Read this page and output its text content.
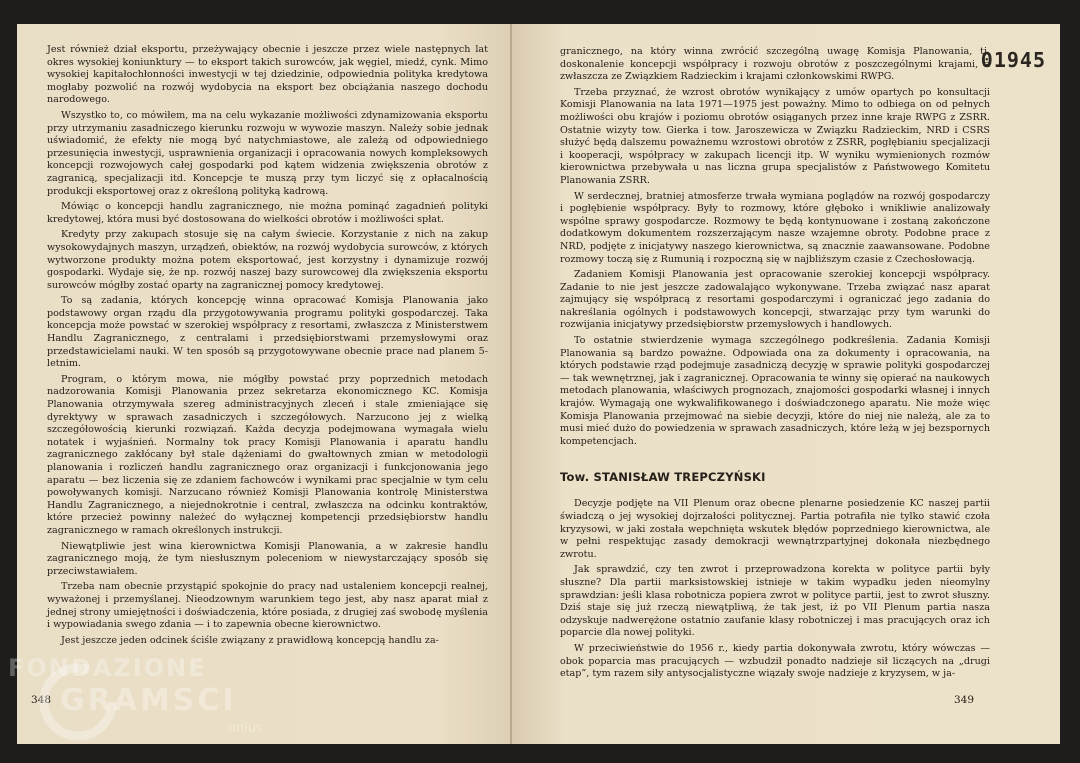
Jest również dział eksportu, przeżywający obecnie i jeszcze przez wiele następnych lat okres wysokiej koniunktury — to eksport takich surowców, jak węgiel, miedź, cynk. Mimo wysokiej kapitałochłonności inwestycji w tej dziedzinie, odpowiednia polityka kredytowa mogłaby pozwolić na rozwój wydobycia na eksport bez obciążania naszego dochodu narodowego.

Wszystko to, co mówiłem, ma na celu wykazanie możliwości zdynamizowania eksportu przy utrzymaniu zasadniczego kierunku rozwoju w wywozie maszyn. Należy sobie jednak uświadomić, że efekty nie mogą być natychmiastowe, ale zależą od odpowiedniego przesunięcia inwestycji, usprawnienia organizacji i opracowania nowych kompleksowych koncepcji rozwojowych całej gospodarki pod kątem widzenia zwiększenia obrotów z zagranicą, specjalizacji itd. Koncepcje te muszą przy tym liczyć się z opłacalnością produkcji eksportowej oraz z określoną polityką kadrową.

Mówiąc o koncepcji handlu zagranicznego, nie można pominąć zagadnień polityki kredytowej, która musi być dostosowana do wielkości obrotów i możliwości spłat.

Kredyty przy zakupach stosuje się na całym świecie. Korzystanie z nich na zakup wysokowydajnych maszyn, urządzeń, obiektów, na rozwój wydobycia surowców, z których wytworzone produkty można potem eksportować, jest korzystny i dynamizuje rozwój gospodarki. Wydaje się, że np. rozwój naszej bazy surowcowej dla zwiększenia eksportu surowców mógłby zostać oparty na zagranicznej pomocy kredytowej.

To są zadania, których koncepcję winna opracować Komisja Planowania jako podstawowy organ rządu dla przygotowywania programu polityki gospodarczej. Taka koncepcja może powstać w szerokiej współpracy z resortami, zwłaszcza z Ministerstwem Handlu Zagranicznego, z centralami i przedsiębiorstwami przemysłowymi oraz przedstawicielami nauki. W ten sposób są przygotowywane obecnie prace nad planem 5-letnim.

Program, o którym mowa, nie mógłby powstać przy poprzednich metodach nadzorowania Komisji Planowania przez sekretarza ekonomicznego KC. Komisja Planowania otrzymywała szereg administracyjnych zleceń i stale zmieniające się dyrektywy w sprawach zasadniczych i szczegółowych. Narzucono jej z wielką szczegółowością kierunki rozwiązań. Każda decyzja podejmowana wymagała wielu notatek i wyjaśnień. Normalny tok pracy Komisji Planowania i aparatu handlu zagranicznego zakłócany był stale dążeniami do gwałtownych zmian w metodologii planowania i rozliczeń handlu zagranicznego oraz organizacji i funkcjonowania jego aparatu — bez liczenia się ze zdaniem fachowców i wynikami prac specjalnie w tym celu powoływanych komisji. Narzucano również Komisji Planowania kontrolę Ministerstwa Handlu Zagranicznego, a niejednokrotnie i central, zwłaszcza na odcinku kontraktów, które przecież powinny należeć do wyłącznej kompetencji przedsiębiorstw handlu zagranicznego w ramach określonych instrukcji.

Niewątpliwie jest wina kierownictwa Komisji Planowania, a w zakresie handlu zagranicznego moją, że tym niesłusznym poleceniom w niewystarczający sposób się przeciwstawiałem.

Trzeba nam obecnie przystąpić spokojnie do pracy nad ustaleniem koncepcji realnej, wyważonej i przemyślanej. Nieodzownym warunkiem tego jest, aby nasz aparat miał z jednej strony umiejętności i doświadczenia, które posiada, z drugiej zaś swobodę myślenia i wypowiadania swego zdania — i to zapewnia obecne kierownictwo.

Jest jeszcze jeden odcinek ściśle związany z prawidłową koncepcją handlu za-

348
01945

granicznego, na który winna zwrócić szczególną uwagę Komisja Planowania, tj. doskonalenie koncepcji współpracy i rozwoju obrotów z poszczególnymi krajami, a zwłaszcza ze Związkiem Radzieckim i krajami członkowskimi RWPG.

Trzeba przyznać, że wzrost obrotów wynikający z umów opartych po konsultacji Komisji Planowania na lata 1971—1975 jest poważny. Mimo to odbiega on od pełnych możliwości obu krajów i poziomu obrotów osiąganych przez inne kraje RWPG z ZSRR. Ostatnie wizyty tow. Gierka i tow. Jaroszewicza w Związku Radzieckim, NRD i CSRS służyć będą dalszemu poważnemu wzrostowi obrotów z ZSRR, pogłębianiu specjalizacji i kooperacji, współpracy w zakupach licencji itp. W wyniku wymienionych rozmów kierownictwa przebywała u nas liczna grupa specjalistów z Państwowego Komitetu Planowania ZSRR.

W serdecznej, bratniej atmosferze trwała wymiana poglądów na rozwój gospodarczy i pogłębienie współpracy. Były to rozmowy, które głęboko i wnikliwie analizowały wspólne sprawy gospodarcze. Rozmowy te będą kontynuowane i zostaną zakończone dodatkowym dokumentem rozszerzającym nasze wzajemne obroty. Podobne prace z NRD, podjęte z inicjatywy naszego kierownictwa, są znacznie zaawansowane. Podobne rozmowy toczą się z Rumunią i rozpoczną się w najbliższym czasie z Czechosłowacją.

Zadaniem Komisji Planowania jest opracowanie szerokiej koncepcji współpracy. Zadanie to nie jest jeszcze zadowalająco wykonywane. Trzeba związać nasz aparat zajmujący się współpracą z resortami gospodarczymi i ograniczać jego zadania do nakreślania ogólnych i podstawowych koncepcji, stwarzając przy tym warunki do rozwijania inicjatywy przedsiębiorstw przemysłowych i handlowych.

To ostatnie stwierdzenie wymaga szczególnego podkreślenia. Zadania Komisji Planowania są bardzo poważne. Odpowiada ona za dokumenty i opracowania, na których podstawie rząd podejmuje zasadniczą decyzję w sprawie polityki gospodarczej — tak wewnętrznej, jak i zagranicznej. Opracowania te winny się opierać na naukowych metodach planowania, właściwych prognozach, znajomości gospodarki własnej i innych krajów. Wymagają one wykwalifikowanego i doświadczonego aparatu. Nie może więc Komisja Planowania przejmować na siebie decyzji, które do niej nie należą, ale za to musi mieć dużo do powiedzenia w sprawach zasadniczych, które leżą w jej bezspornych kompetencjach.

Tow. STANISŁAW TREPCZYŃSKI

Decyzje podjęte na VII Plenum oraz obecne plenarne posiedzenie KC naszej partii świadczą o jej wysokiej dojrzałości politycznej. Partia potrafiła nie tylko stawić czoła kryzysowi, w jaki została wepchnięta wskutek błędów poprzedniego kierownictwa, ale w pełni respektując zasady demokracji wewnątrzpartyjnej dokonała niezbędnego zwrotu.

Jak sprawdzić, czy ten zwrot i przeprowadzona korekta w polityce partii były słuszne? Dla partii marksistowskiej istnieje w takim wypadku jeden nieomylny sprawdzian: jeśli klasa robotnicza popiera zwrot w polityce partii, jest to zwrot słuszny. Dziś staje się już rzeczą niewątpliwą, że tak jest, iż po VII Plenum partia nasza odzyskuje nadwerężone ostatnio zaufanie klasy robotniczej i mas pracujących oraz ich poparcie dla nowej polityki.

W przeciwieństwie do 1956 r., kiedy partia dokonywała zwrotu, który wówczas — obok poparcia mas pracujących — wzbudził ponadto nadzieje sił liczących na „drugi etap”, tym razem siły antysocjalistyczne wiązały swoje nadzieje z kryzysem, w ja-

349
FONDAZIONE
GRAMSCI
onlus
